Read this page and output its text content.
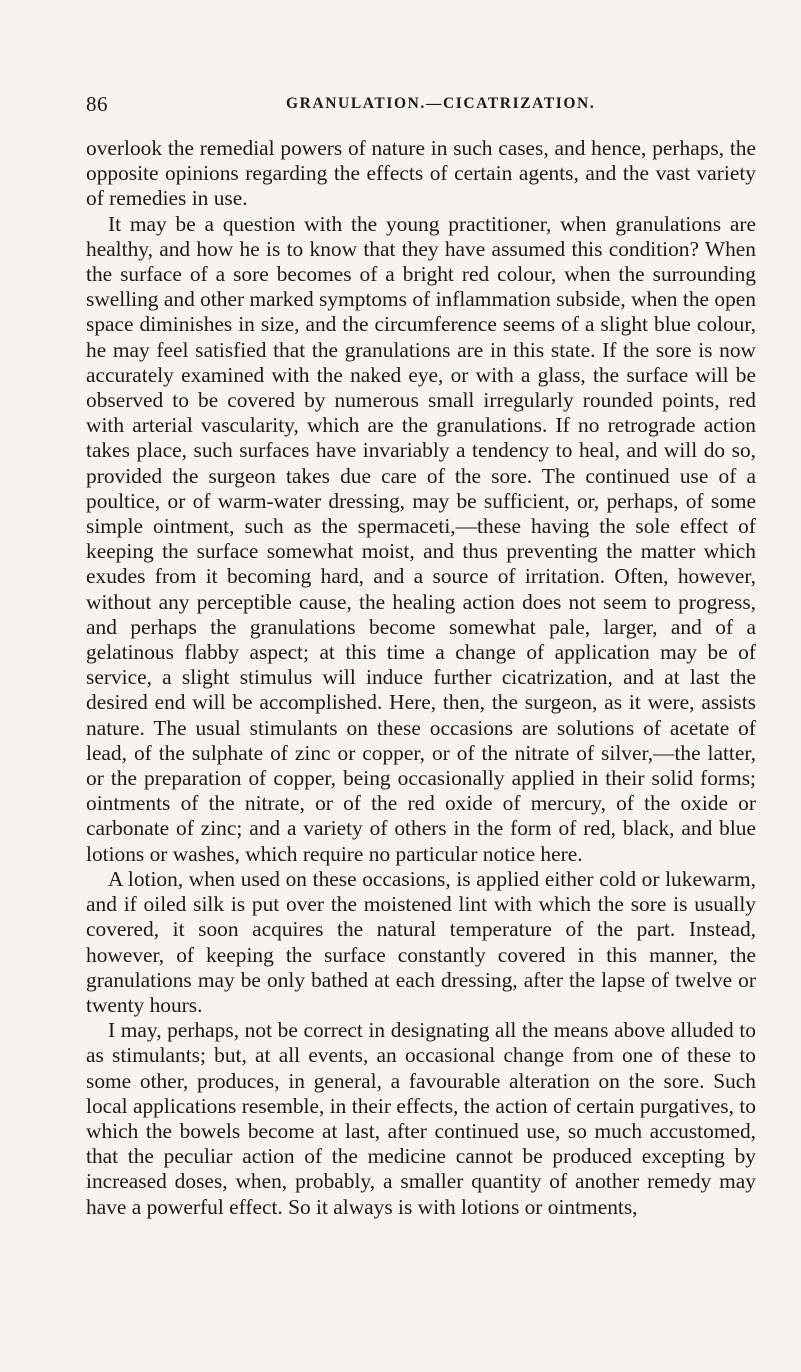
86	GRANULATION.—CICATRIZATION.

overlook the remedial powers of nature in such cases, and hence, perhaps, the opposite opinions regarding the effects of certain agents, and the vast variety of remedies in use.

It may be a question with the young practitioner, when granulations are healthy, and how he is to know that they have assumed this condition? When the surface of a sore becomes of a bright red colour, when the surrounding swelling and other marked symptoms of inflammation subside, when the open space diminishes in size, and the circumference seems of a slight blue colour, he may feel satisfied that the granulations are in this state. If the sore is now accurately examined with the naked eye, or with a glass, the surface will be observed to be covered by numerous small irregularly rounded points, red with arterial vascularity, which are the granulations. If no retrograde action takes place, such surfaces have invariably a tendency to heal, and will do so, provided the surgeon takes due care of the sore. The continued use of a poultice, or of warm-water dressing, may be sufficient, or, perhaps, of some simple ointment, such as the spermaceti,—these having the sole effect of keeping the surface somewhat moist, and thus preventing the matter which exudes from it becoming hard, and a source of irritation. Often, however, without any perceptible cause, the healing action does not seem to progress, and perhaps the granulations become somewhat pale, larger, and of a gelatinous flabby aspect; at this time a change of application may be of service, a slight stimulus will induce further cicatrization, and at last the desired end will be accomplished. Here, then, the surgeon, as it were, assists nature. The usual stimulants on these occasions are solutions of acetate of lead, of the sulphate of zinc or copper, or of the nitrate of silver,—the latter, or the preparation of copper, being occasionally applied in their solid forms; ointments of the nitrate, or of the red oxide of mercury, of the oxide or carbonate of zinc; and a variety of others in the form of red, black, and blue lotions or washes, which require no particular notice here.

A lotion, when used on these occasions, is applied either cold or lukewarm, and if oiled silk is put over the moistened lint with which the sore is usually covered, it soon acquires the natural temperature of the part. Instead, however, of keeping the surface constantly covered in this manner, the granulations may be only bathed at each dressing, after the lapse of twelve or twenty hours.

I may, perhaps, not be correct in designating all the means above alluded to as stimulants; but, at all events, an occasional change from one of these to some other, produces, in general, a favourable alteration on the sore. Such local applications resemble, in their effects, the action of certain purgatives, to which the bowels become at last, after continued use, so much accustomed, that the peculiar action of the medicine cannot be produced excepting by increased doses, when, probably, a smaller quantity of another remedy may have a powerful effect. So it always is with lotions or ointments,
